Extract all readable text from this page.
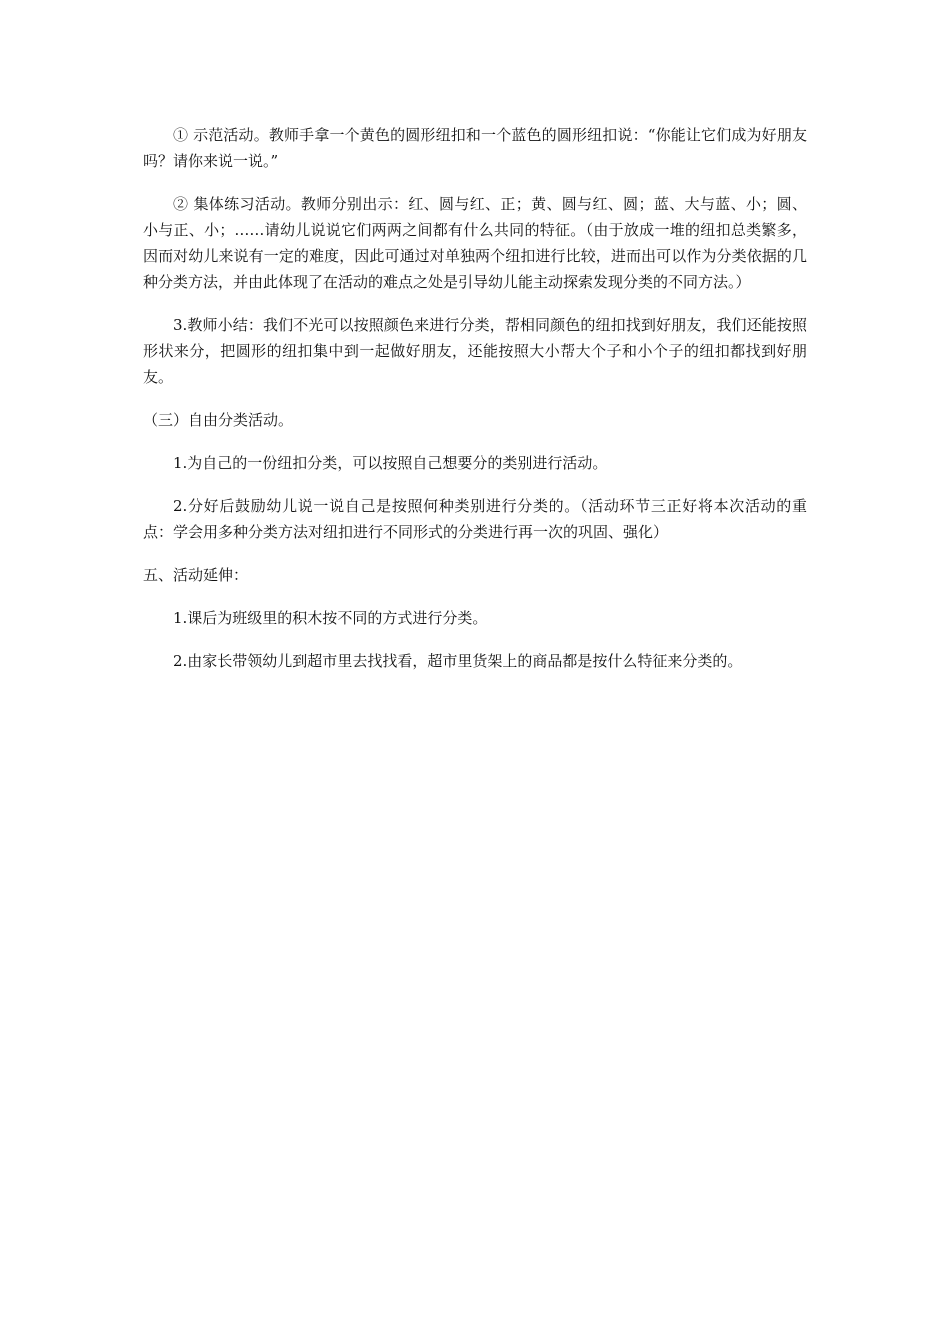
① 示范活动。教师手拿一个黄色的圆形纽扣和一个蓝色的圆形纽扣说：“你能让它们成为好朋友吗？请你来说一说。”

② 集体练习活动。教师分别出示：红、圆与红、正；黄、圆与红、圆；蓝、大与蓝、小；圆、小与正、小；……请幼儿说说它们两两之间都有什么共同的特征。（由于放成一堆的纽扣总类繁多，因而对幼儿来说有一定的难度，因此可通过对单独两个纽扣进行比较，进而出可以作为分类依据的几种分类方法，并由此体现了在活动的难点之处是引导幼儿能主动探索发现分类的不同方法。）

3.教师小结：我们不光可以按照颜色来进行分类，帮相同颜色的纽扣找到好朋友，我们还能按照形状来分，把圆形的纽扣集中到一起做好朋友，还能按照大小帮大个子和小个子的纽扣都找到好朋友。

（三）自由分类活动。

1.为自己的一份纽扣分类，可以按照自己想要分的类别进行活动。

2.分好后鼓励幼儿说一说自己是按照何种类别进行分类的。（活动环节三正好将本次活动的重点：学会用多种分类方法对纽扣进行不同形式的分类进行再一次的巩固、强化）

五、活动延伸：

1.课后为班级里的积木按不同的方式进行分类。

2.由家长带领幼儿到超市里去找找看，超市里货架上的商品都是按什么特征来分类的。
